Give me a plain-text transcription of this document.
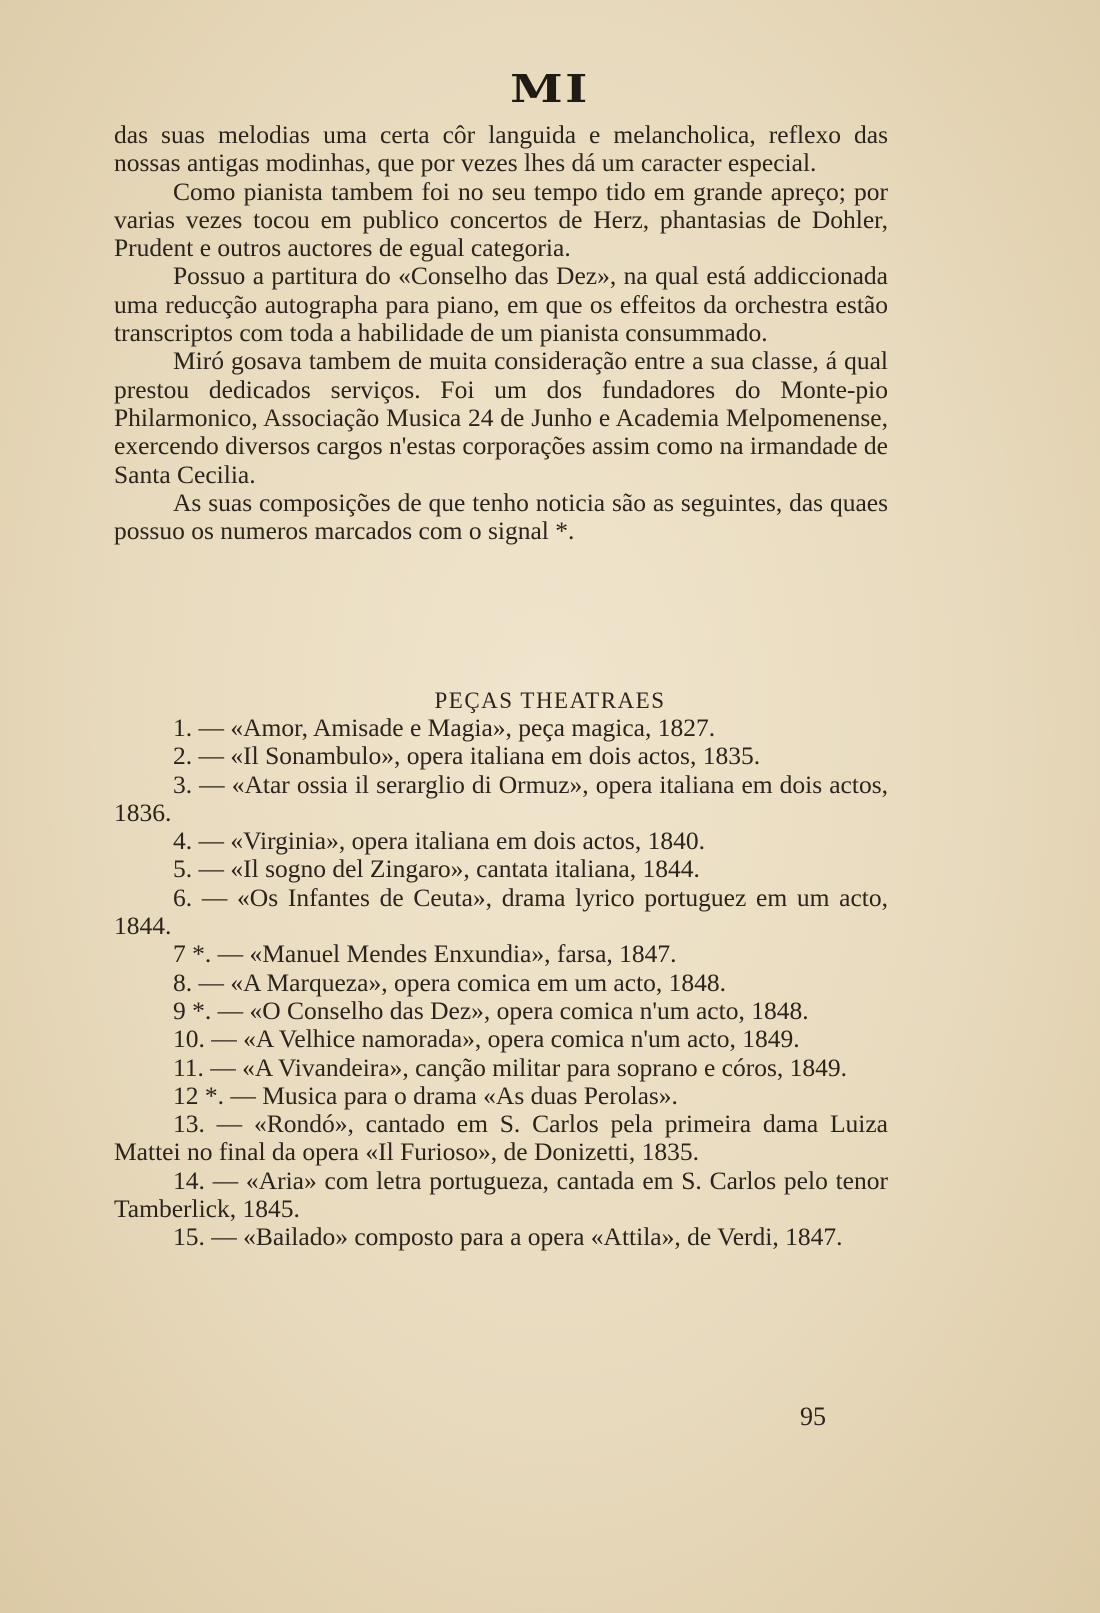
MI

das suas melodias uma certa côr languida e melancholica, reflexo das nossas antigas modinhas, que por vezes lhes dá um caracter especial.

Como pianista tambem foi no seu tempo tido em grande apreço; por varias vezes tocou em publico concertos de Herz, phantasias de Dohler, Prudent e outros auctores de egual categoria.

Possuo a partitura do «Conselho das Dez», na qual está addiccionada uma reducção autographa para piano, em que os effeitos da orchestra estão transcriptos com toda a habilidade de um pianista consummado.

Miró gosava tambem de muita consideração entre a sua classe, á qual prestou dedicados serviços. Foi um dos fundadores do Monte-pio Philarmonico, Associação Musica 24 de Junho e Academia Melpomenense, exercendo diversos cargos n'estas corporações assim como na irmandade de Santa Cecilia.

As suas composições de que tenho noticia são as seguintes, das quaes possuo os numeros marcados com o signal *.

PEÇAS THEATRAES

1. — «Amor, Amisade e Magia», peça magica, 1827.

2. — «Il Sonambulo», opera italiana em dois actos, 1835.

3. — «Atar ossia il serarglio di Ormuz», opera italiana em dois actos, 1836.

4. — «Virginia», opera italiana em dois actos, 1840.

5. — «Il sogno del Zingaro», cantata italiana, 1844.

6. — «Os Infantes de Ceuta», drama lyrico portuguez em um acto, 1844.

7 *. — «Manuel Mendes Enxundia», farsa, 1847.

8. — «A Marqueza», opera comica em um acto, 1848.

9 *. — «O Conselho das Dez», opera comica n'um acto, 1848.

10. — «A Velhice namorada», opera comica n'um acto, 1849.

11. — «A Vivandeira», canção militar para soprano e córos, 1849.

12 *. — Musica para o drama «As duas Perolas».

13. — «Rondó», cantado em S. Carlos pela primeira dama Luiza Mattei no final da opera «Il Furioso», de Donizetti, 1835.

14. — «Aria» com letra portugueza, cantada em S. Carlos pelo tenor Tamberlick, 1845.

15. — «Bailado» composto para a opera «Attila», de Verdi, 1847.

95
